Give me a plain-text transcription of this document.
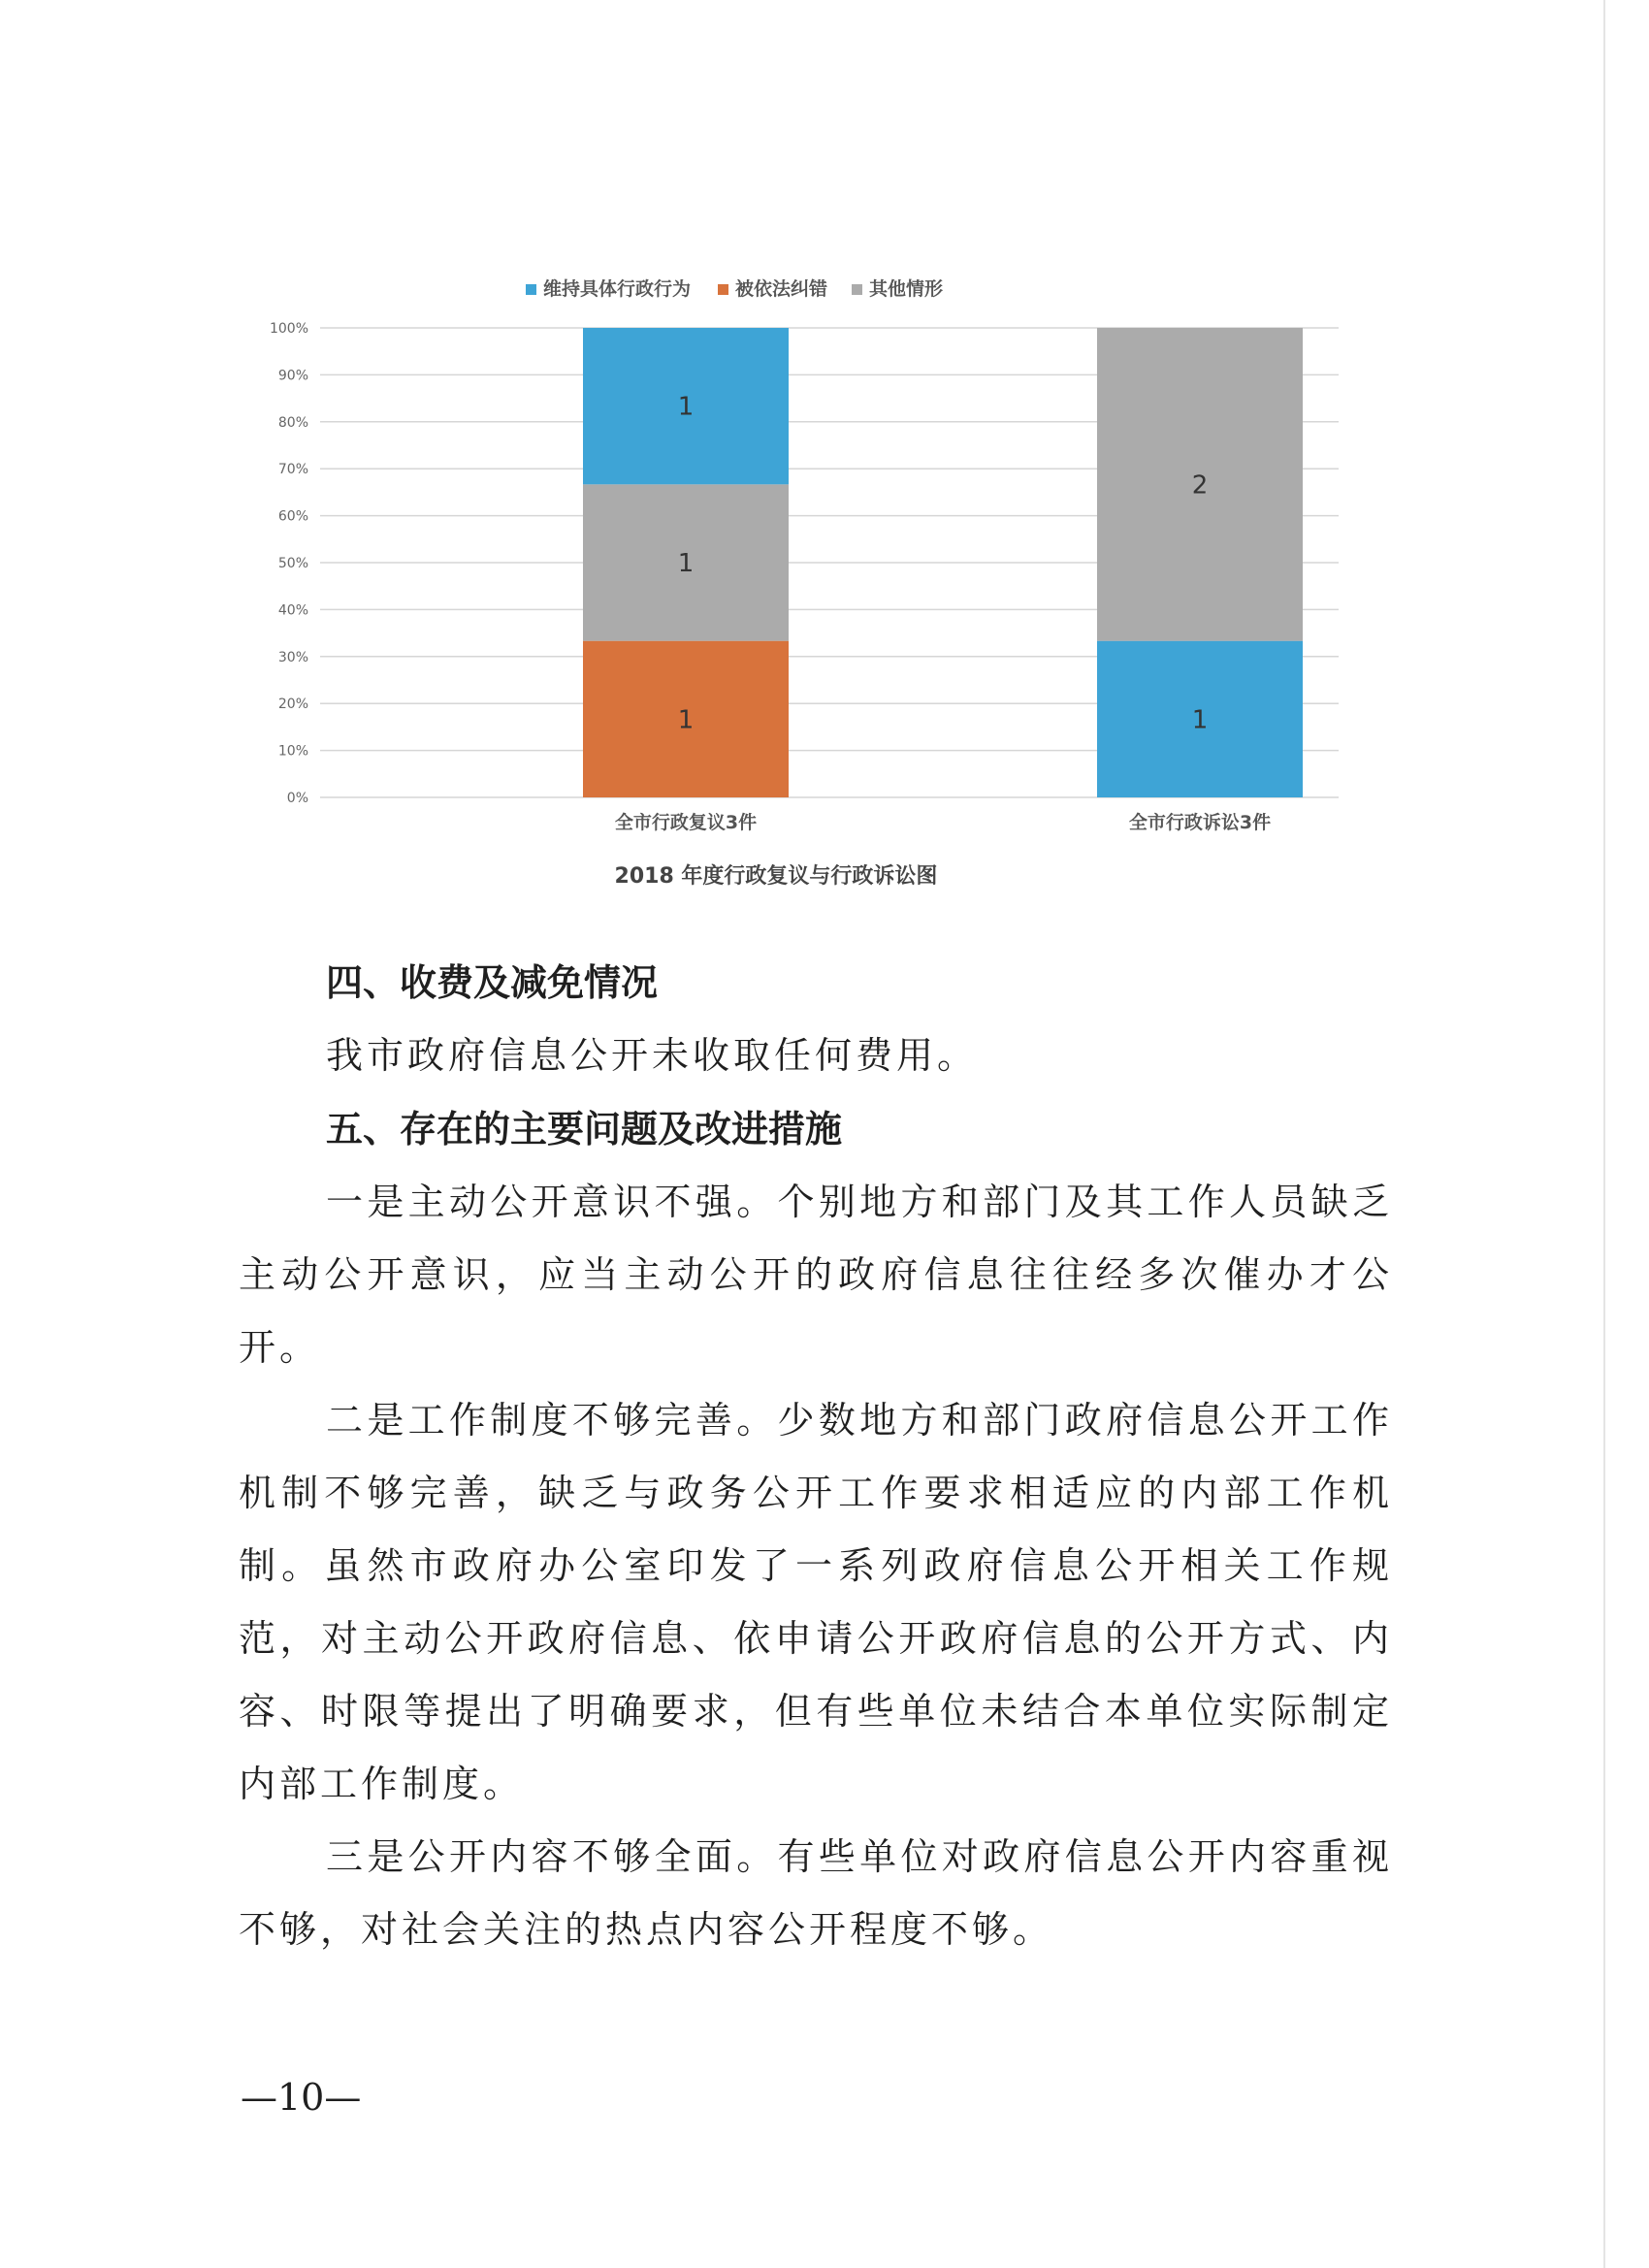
0%
10%
20%
30%
40%
50%
60%
70%
80%
90%
100%
维持具体行政行为 被依法纠错 其他情形
1
1
1
全市行政复议3件
1
2
全市行政诉讼3件
2018 年度行政复议与行政诉讼图

四、收费及减免情况

我市政府信息公开未收取任何费用。

五、存在的主要问题及改进措施

一是主动公开意识不强。个别地方和部门及其工作人员缺乏主动公开意识，应当主动公开的政府信息往往经多次催办才公开。

二是工作制度不够完善。少数地方和部门政府信息公开工作机制不够完善，缺乏与政务公开工作要求相适应的内部工作机制。虽然市政府办公室印发了一系列政府信息公开相关工作规范，对主动公开政府信息、依申请公开政府信息的公开方式、内容、时限等提出了明确要求，但有些单位未结合本单位实际制定内部工作制度。

三是公开内容不够全面。有些单位对政府信息公开内容重视不够，对社会关注的热点内容公开程度不够。

—10—
